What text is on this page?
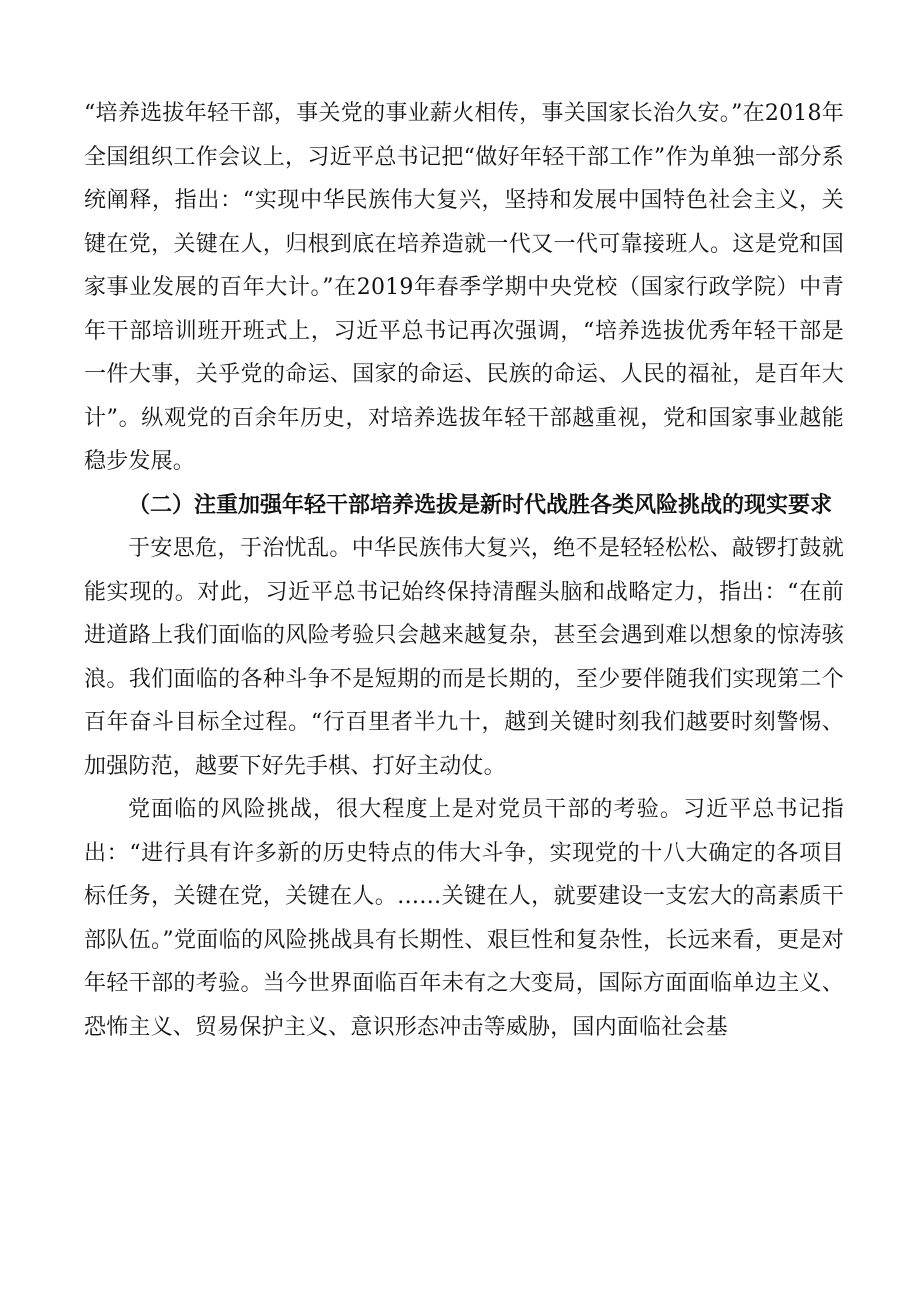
“培养选拔年轻干部，事关党的事业薪火相传，事关国家长治久安。”在2018年全国组织工作会议上，习近平总书记把“做好年轻干部工作”作为单独一部分系统阐释，指出：“实现中华民族伟大复兴，坚持和发展中国特色社会主义，关键在党，关键在人，归根到底在培养造就一代又一代可靠接班人。这是党和国家事业发展的百年大计。”在2019年春季学期中央党校（国家行政学院）中青年干部培训班开班式上，习近平总书记再次强调，“培养选拔优秀年轻干部是一件大事，关乎党的命运、国家的命运、民族的命运、人民的福祉，是百年大计”。纵观党的百余年历史，对培养选拔年轻干部越重视，党和国家事业越能稳步发展。

（二）注重加强年轻干部培养选拔是新时代战胜各类风险挑战的现实要求

于安思危，于治忧乱。中华民族伟大复兴，绝不是轻轻松松、敲锣打鼓就能实现的。对此，习近平总书记始终保持清醒头脑和战略定力，指出：“在前进道路上我们面临的风险考验只会越来越复杂，甚至会遇到难以想象的惊涛骇浪。我们面临的各种斗争不是短期的而是长期的，至少要伴随我们实现第二个百年奋斗目标全过程。“行百里者半九十，越到关键时刻我们越要时刻警惕、加强防范，越要下好先手棋、打好主动仗。

党面临的风险挑战，很大程度上是对党员干部的考验。习近平总书记指出：“进行具有许多新的历史特点的伟大斗争，实现党的十八大确定的各项目标任务，关键在党，关键在人。……关键在人，就要建设一支宏大的高素质干部队伍。”党面临的风险挑战具有长期性、艰巨性和复杂性，长远来看，更是对年轻干部的考验。当今世界面临百年未有之大变局，国际方面面临单边主义、恐怖主义、贸易保护主义、意识形态冲击等威胁，国内面临社会基
